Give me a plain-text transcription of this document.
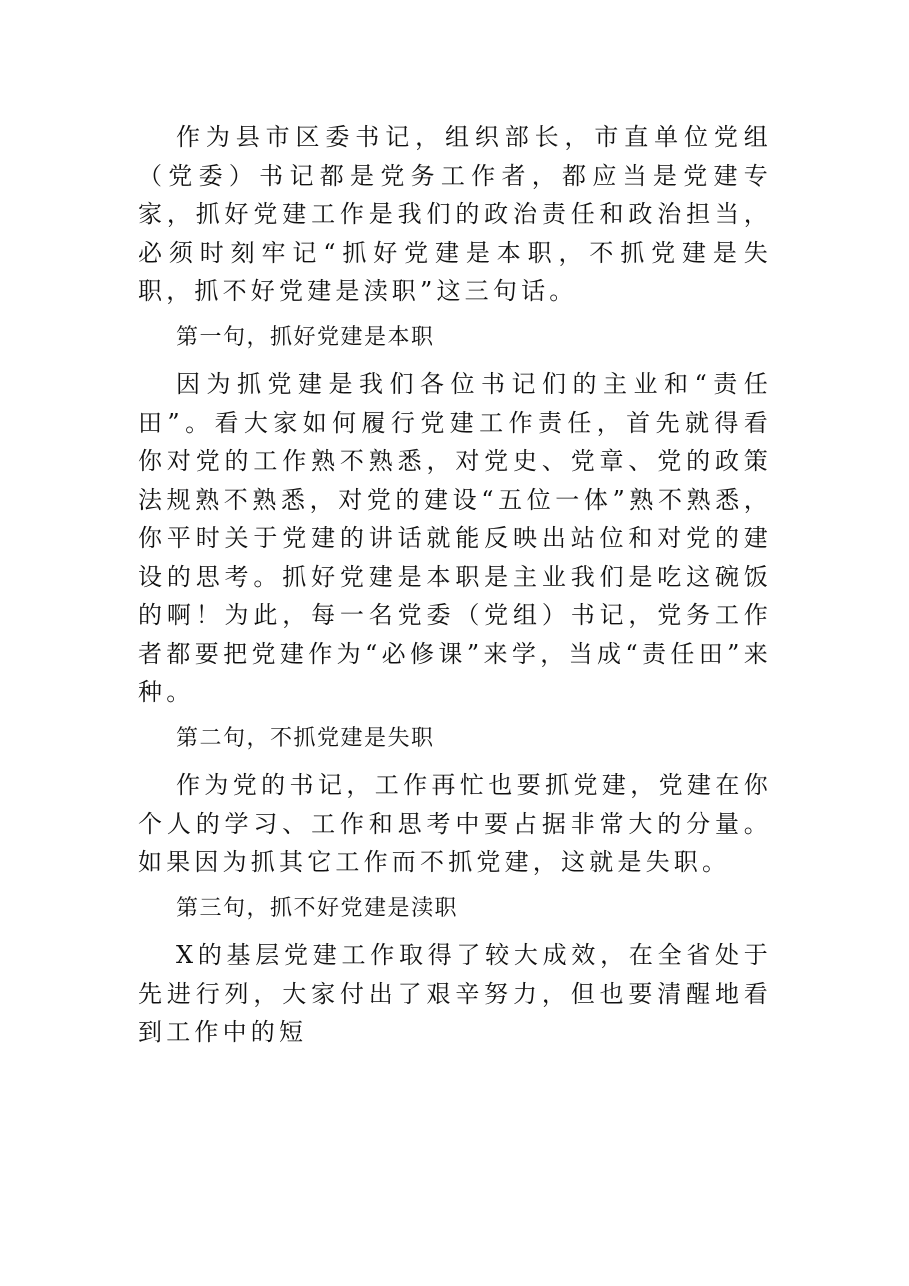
作为县市区委书记，组织部长，市直单位党组（党委）书记都是党务工作者，都应当是党建专家，抓好党建工作是我们的政治责任和政治担当，必须时刻牢记“抓好党建是本职，不抓党建是失职，抓不好党建是渎职”这三句话。

第一句，抓好党建是本职

因为抓党建是我们各位书记们的主业和“责任田”。看大家如何履行党建工作责任，首先就得看你对党的工作熟不熟悉，对党史、党章、党的政策法规熟不熟悉，对党的建设“五位一体”熟不熟悉，你平时关于党建的讲话就能反映出站位和对党的建设的思考。抓好党建是本职是主业我们是吃这碗饭的啊！为此，每一名党委（党组）书记，党务工作者都要把党建作为“必修课”来学，当成“责任田”来种。

第二句，不抓党建是失职

作为党的书记，工作再忙也要抓党建，党建在你个人的学习、工作和思考中要占据非常大的分量。如果因为抓其它工作而不抓党建，这就是失职。

第三句，抓不好党建是渎职

X的基层党建工作取得了较大成效，在全省处于先进行列，大家付出了艰辛努力，但也要清醒地看到工作中的短
